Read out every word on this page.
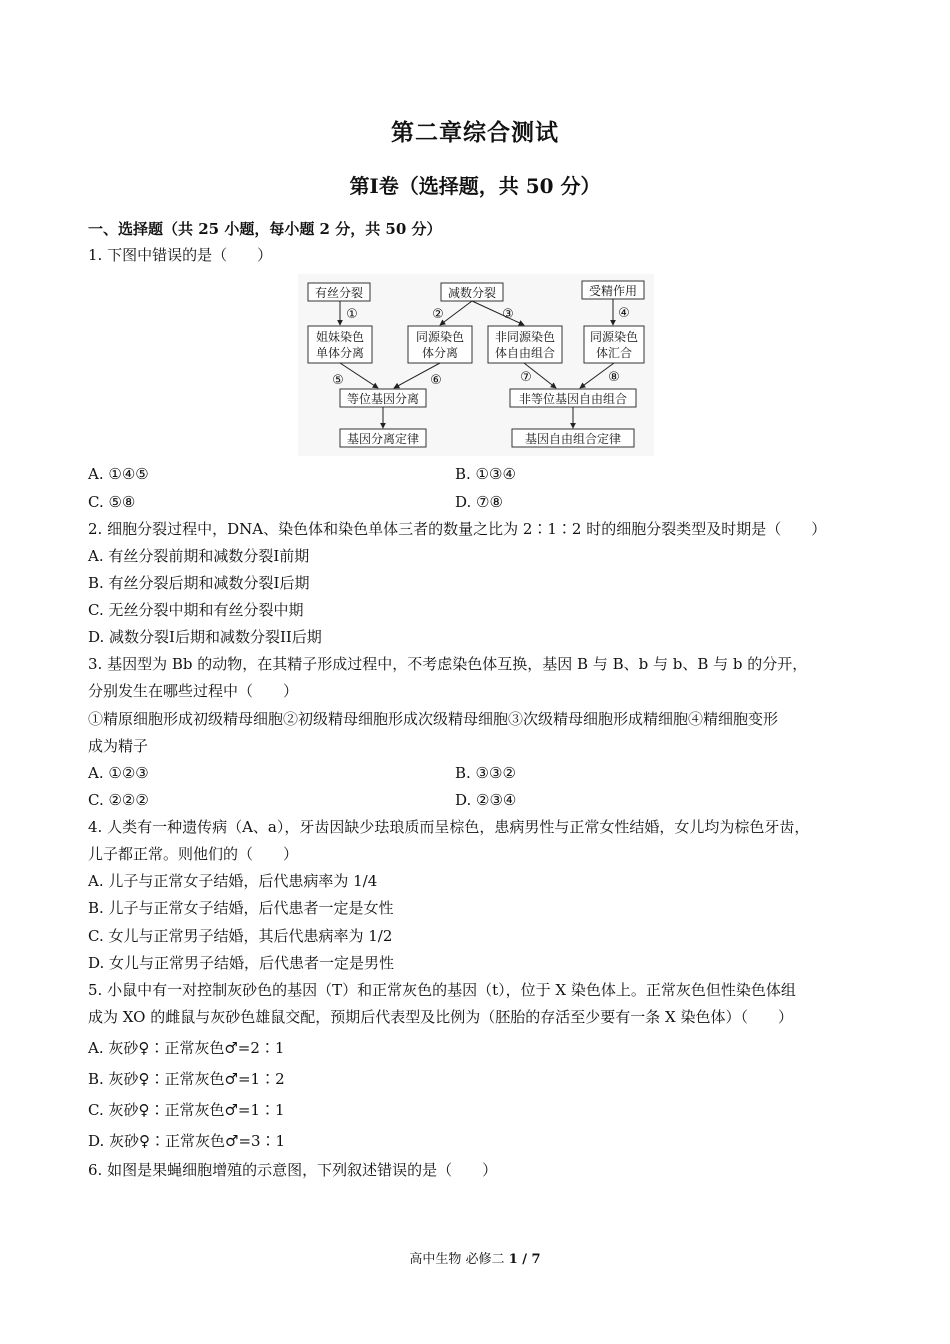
第二章综合测试
第I卷（选择题，共 50 分）
一、选择题（共 25 小题，每小题 2 分，共 50 分）
1. 下图中错误的是（　　）
有丝分裂	减数分裂	受精作用
姐妹染色
单体分离
同源染色
体分离
非同源染色
体自由组合
同源染色
体汇合
等位基因分离	非等位基因自由组合
基因分离定律	基因自由组合定律
①	②	③	④
⑤	⑥	⑦	⑧
A. ①④⑤	B. ①③④
C. ⑤⑧	D. ⑦⑧
2. 细胞分裂过程中，DNA、染色体和染色单体三者的数量之比为 2∶1∶2 时的细胞分裂类型及时期是（　　）
A. 有丝分裂前期和减数分裂I前期
B. 有丝分裂后期和减数分裂I后期
C. 无丝分裂中期和有丝分裂中期
D. 减数分裂I后期和减数分裂II后期
3. 基因型为 Bb 的动物，在其精子形成过程中，不考虑染色体互换，基因 B 与 B、b 与 b、B 与 b 的分开，
分别发生在哪些过程中（　　）
①精原细胞形成初级精母细胞②初级精母细胞形成次级精母细胞③次级精母细胞形成精细胞④精细胞变形
成为精子
A. ①②③	B. ③③②
C. ②②②	D. ②③④
4. 人类有一种遗传病（A、a），牙齿因缺少珐琅质而呈棕色，患病男性与正常女性结婚，女儿均为棕色牙齿，
儿子都正常。则他们的（　　）
A. 儿子与正常女子结婚，后代患病率为 1/4
B. 儿子与正常女子结婚，后代患者一定是女性
C. 女儿与正常男子结婚，其后代患病率为 1/2
D. 女儿与正常男子结婚，后代患者一定是男性
5. 小鼠中有一对控制灰砂色的基因（T）和正常灰色的基因（t），位于 X 染色体上。正常灰色但性染色体组
成为 XO 的雌鼠与灰砂色雄鼠交配，预期后代表型及比例为（胚胎的存活至少要有一条 X 染色体）（　　）
A. 灰砂♀∶正常灰色♂=2∶1
B. 灰砂♀∶正常灰色♂=1∶2
C. 灰砂♀∶正常灰色♂=1∶1
D. 灰砂♀∶正常灰色♂=3∶1
6. 如图是果蝇细胞增殖的示意图，下列叙述错误的是（　　）
高中生物 必修二 1 / 7
